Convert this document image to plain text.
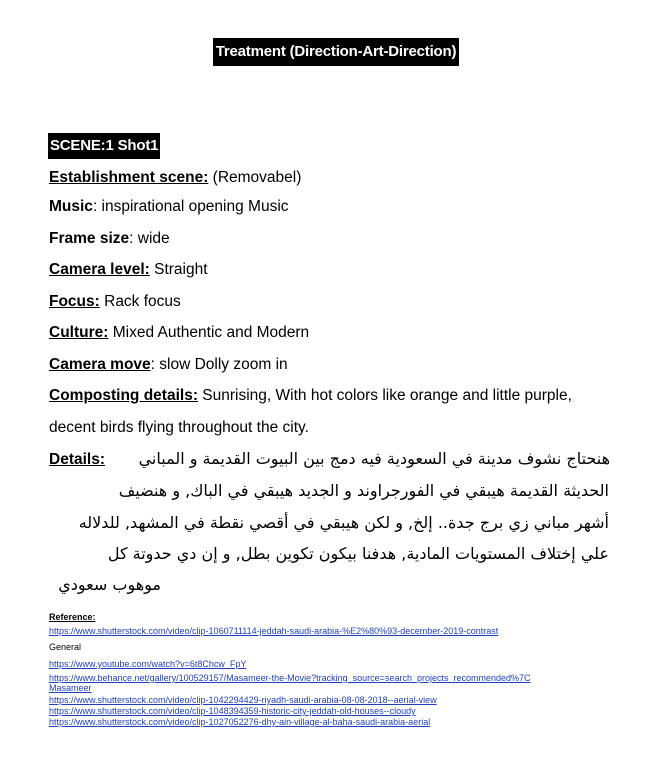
Treatment (Direction-Art-Direction)
SCENE:1 Shot1
Establishment scene: (Removabel)
Music: inspirational opening Music
Frame size: wide
Camera level: Straight
Focus: Rack focus
Culture: Mixed Authentic and Modern
Camera move: slow Dolly zoom in
Composting details: Sunrising, With hot colors like orange and little purple,
decent birds flying throughout the city.
Details:	هنحتاج نشوف مدينة في السعودية فيه دمج بين البيوت القديمة و المباني
الحديثة القديمة هيبقي في الفورجراوند و الجديد هيبقي في الباك, و هنضيف
أشهر مباني زي برج جدة.. إلخ, و لكن هيبقي في أقصي نقطة في المشهد, للدلاله
علي إختلاف المستويات المادية, هدفنا بيكون تكوين بطل, و إن دي حدوتة كل
موهوب سعودي
Reference:
https://www.shutterstock.com/video/clip-1060711114-jeddah-saudi-arabia-%E2%80%93-december-2019-contrast
General
https://www.youtube.com/watch?v=6t8Chcw_FpY
https://www.behance.net/gallery/100529157/Masameer-the-Movie?tracking_source=search_projects_recommended%7C
Masameer
https://www.shutterstock.com/video/clip-1042294429-riyadh-saudi-arabia-08-08-2018--aerial-view
https://www.shutterstock.com/video/clip-1048394359-historic-city-jeddah-old-houses--cloudy
https://www.shutterstock.com/video/clip-1027052276-dhy-ain-village-al-baha-saudi-arabia-aerial
